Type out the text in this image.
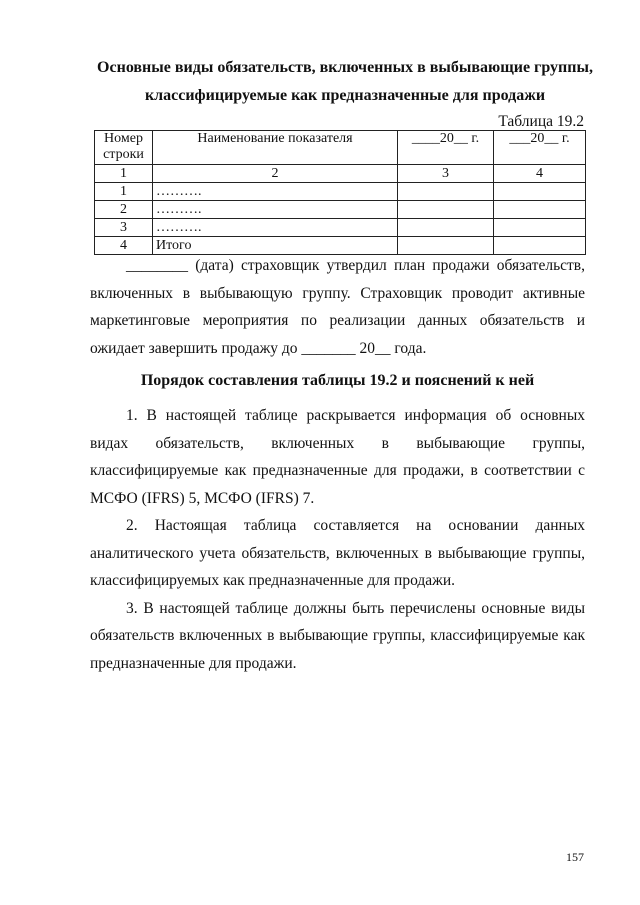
Основные виды обязательств, включенных в выбывающие группы,
классифицируемые как предназначенные для продажи
Таблица 19.2
Номер строки	Наименование показателя	____20__ г.	___20__ г.
1	2	3	4
1	……….		
2	……….		
3	……….		
4	Итого		

________ (дата) страховщик утвердил план продажи обязательств, включенных в выбывающую группу. Страховщик проводит активные маркетинговые мероприятия по реализации данных обязательств и ожидает завершить продажу до _______ 20__ года.

Порядок составления таблицы 19.2 и пояснений к ней

1. В настоящей таблице раскрывается информация об основных видах обязательств, включенных в выбывающие группы, классифицируемые как предназначенные для продажи, в соответствии с МСФО (IFRS) 5, МСФО (IFRS) 7.

2. Настоящая таблица составляется на основании данных аналитического учета обязательств, включенных в выбывающие группы, классифицируемых как предназначенные для продажи.

3. В настоящей таблице должны быть перечислены основные виды обязательств включенных в выбывающие группы, классифицируемые как предназначенные для продажи.

157
